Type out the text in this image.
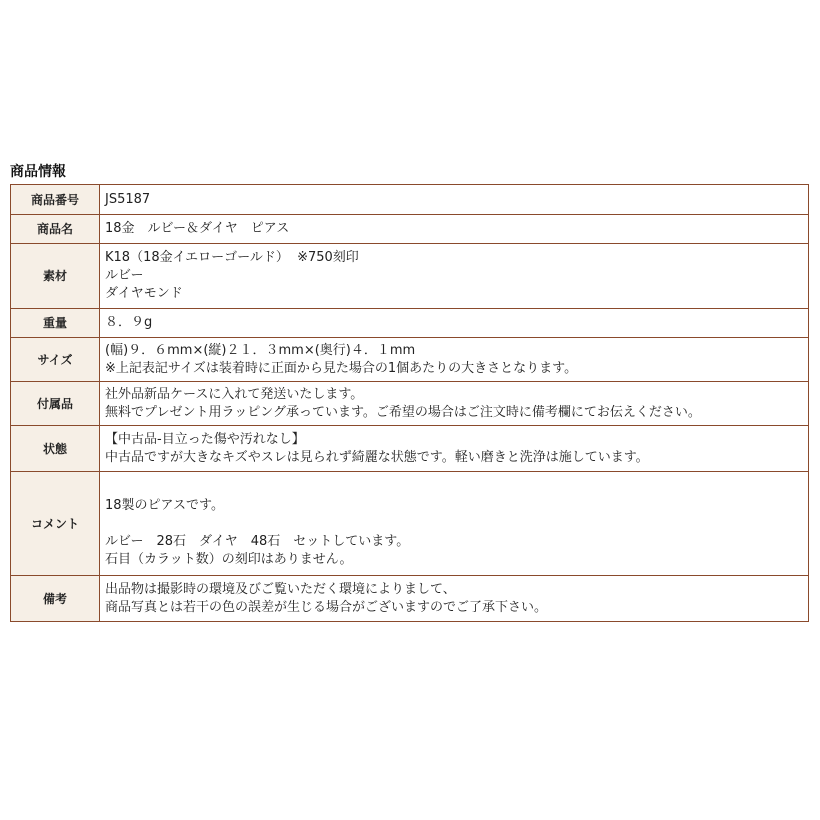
商品情報
商品番号	JS5187

商品名	18金　ルビー＆ダイヤ　ピアス

素材	K18（18金イエローゴールド）  ※750刻印
ルビー
ダイヤモンド

重量	８．９g

サイズ	(幅)９．６mm×(縦)２１．３mm×(奥行)４．１mm
※上記表記サイズは装着時に正面から見た場合の1個あたりの大きさとなります。

付属品	社外品新品ケースに入れて発送いたします。
無料でプレゼント用ラッピング承っています。ご希望の場合はご注文時に備考欄にてお伝えください。

状態	【中古品-目立った傷や汚れなし】
中古品ですが大きなキズやスレは見られず綺麗な状態です。軽い磨きと洗浄は施しています。

コメント	18製のピアスです。

ルビー　28石　ダイヤ　48石　セットしています。
石目（カラット数）の刻印はありません。

備考	出品物は撮影時の環境及びご覧いただく環境によりまして、
商品写真とは若干の色の誤差が生じる場合がございますのでご了承下さい。
